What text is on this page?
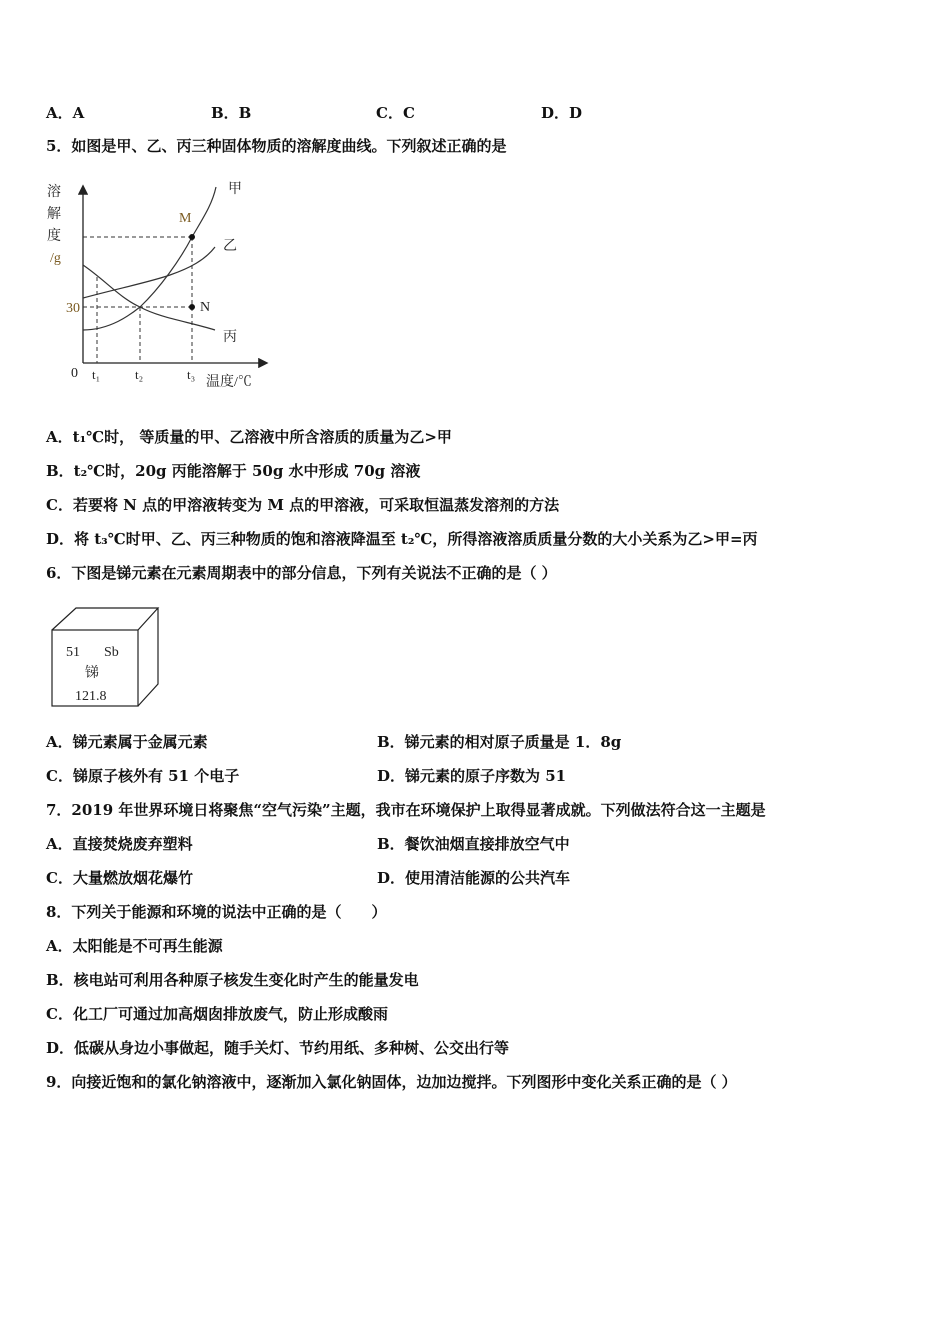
A．A	B．B	C．C	D．D
5．如图是甲、乙、丙三种固体物质的溶解度曲线。下列叙述正确的是
溶
解
度
/g
30
0 t₁	t₂	t₃
温度/℃
甲
乙
丙
M
N
A．t₁℃时， 等质量的甲、乙溶液中所含溶质的质量为乙>甲
B．t₂℃时，20g 丙能溶解于 50g 水中形成 70g 溶液
C．若要将 N 点的甲溶液转变为 M 点的甲溶液，可采取恒温蒸发溶剂的方法
D．将 t₃℃时甲、乙、丙三种物质的饱和溶液降温至 t₂℃，所得溶液溶质质量分数的大小关系为乙>甲=丙
6．下图是锑元素在元素周期表中的部分信息，下列有关说法不正确的是（ ）
51 Sb
锑
121.8
A．锑元素属于金属元素	B．锑元素的相对原子质量是 1．8g
C．锑原子核外有 51 个电子	D．锑元素的原子序数为 51
7．2019 年世界环境日将聚焦“空气污染”主题，我市在环境保护上取得显著成就。下列做法符合这一主题是
A．直接焚烧废弃塑料	B．餐饮油烟直接排放空气中
C．大量燃放烟花爆竹	D．使用清洁能源的公共汽车
8．下列关于能源和环境的说法中正确的是（　　）
A．太阳能是不可再生能源
B．核电站可利用各种原子核发生变化时产生的能量发电
C．化工厂可通过加高烟囱排放废气，防止形成酸雨
D．低碳从身边小事做起，随手关灯、节约用纸、多种树、公交出行等
9．向接近饱和的氯化钠溶液中，逐渐加入氯化钠固体，边加边搅拌。下列图形中变化关系正确的是（ ）
